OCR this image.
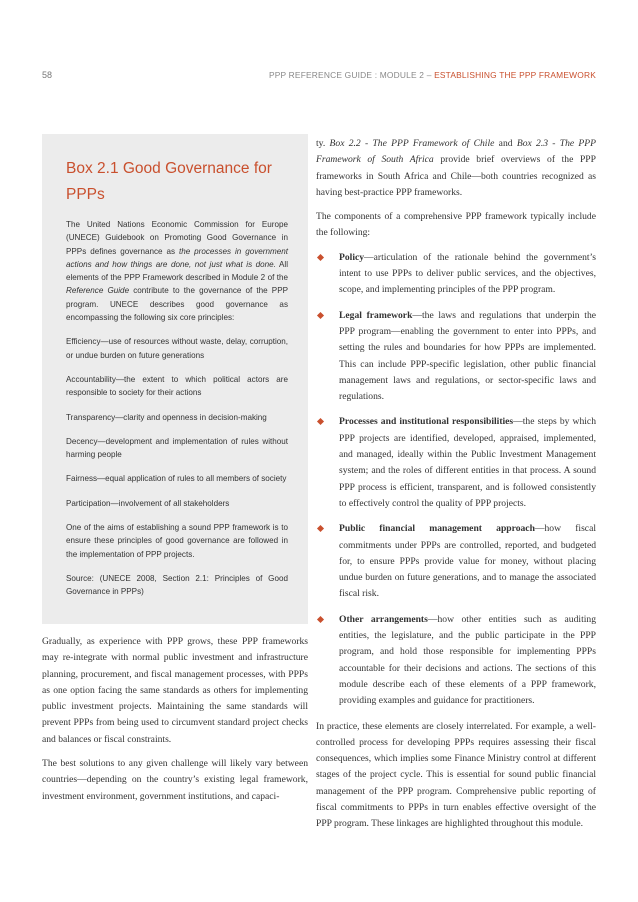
58	PPP REFERENCE GUIDE : MODULE 2 – ESTABLISHING THE PPP FRAMEWORK
Box 2.1 Good Governance for PPPs

The United Nations Economic Commission for Europe (UNECE) Guidebook on Promoting Good Governance in PPPs defines governance as the processes in government actions and how things are done, not just what is done. All elements of the PPP Framework described in Module 2 of the Reference Guide contribute to the governance of the PPP program. UNECE describes good governance as encompassing the following six core principles:

Efficiency—use of resources without waste, delay, corruption, or undue burden on future generations

Accountability—the extent to which political actors are responsible to society for their actions

Transparency—clarity and openness in decision-making

Decency—development and implementation of rules without harming people

Fairness—equal application of rules to all members of society

Participation—involvement of all stakeholders

One of the aims of establishing a sound PPP framework is to ensure these principles of good governance are followed in the implementation of PPP projects.

Source: (UNECE 2008, Section 2.1: Principles of Good Governance in PPPs)

Gradually, as experience with PPP grows, these PPP frameworks may re-integrate with normal public investment and infrastructure planning, procurement, and fiscal management processes, with PPPs as one option facing the same standards as others for implementing public investment projects. Maintaining the same standards will prevent PPPs from being used to circumvent standard project checks and balances or fiscal constraints.

The best solutions to any given challenge will likely vary between countries—depending on the country’s existing legal framework, investment environment, government institutions, and capaci-

ty. Box 2.2 - The PPP Framework of Chile and Box 2.3 - The PPP Framework of South Africa provide brief overviews of the PPP frameworks in South Africa and Chile—both countries recognized as having best-practice PPP frameworks.

The components of a comprehensive PPP framework typically include the following:

Policy—articulation of the rationale behind the government’s intent to use PPPs to deliver public services, and the objectives, scope, and implementing principles of the PPP program.
Legal framework—the laws and regulations that underpin the PPP program—enabling the government to enter into PPPs, and setting the rules and boundaries for how PPPs are implemented. This can include PPP-specific legislation, other public financial management laws and regulations, or sector-specific laws and regulations.
Processes and institutional responsibilities—the steps by which PPP projects are identified, developed, appraised, implemented, and managed, ideally within the Public Investment Management system; and the roles of different entities in that process. A sound PPP process is efficient, transparent, and is followed consistently to effectively control the quality of PPP projects.
Public financial management approach—how fiscal commitments under PPPs are controlled, reported, and budgeted for, to ensure PPPs provide value for money, without placing undue burden on future generations, and to manage the associated fiscal risk.
Other arrangements—how other entities such as auditing entities, the legislature, and the public participate in the PPP program, and hold those responsible for implementing PPPs accountable for their decisions and actions. The sections of this module describe each of these elements of a PPP framework, providing examples and guidance for practitioners.

In practice, these elements are closely interrelated. For example, a well-controlled process for developing PPPs requires assessing their fiscal consequences, which implies some Finance Ministry control at different stages of the project cycle. This is essential for sound public financial management of the PPP program. Comprehensive public reporting of fiscal commitments to PPPs in turn enables effective oversight of the PPP program. These linkages are highlighted throughout this module.
